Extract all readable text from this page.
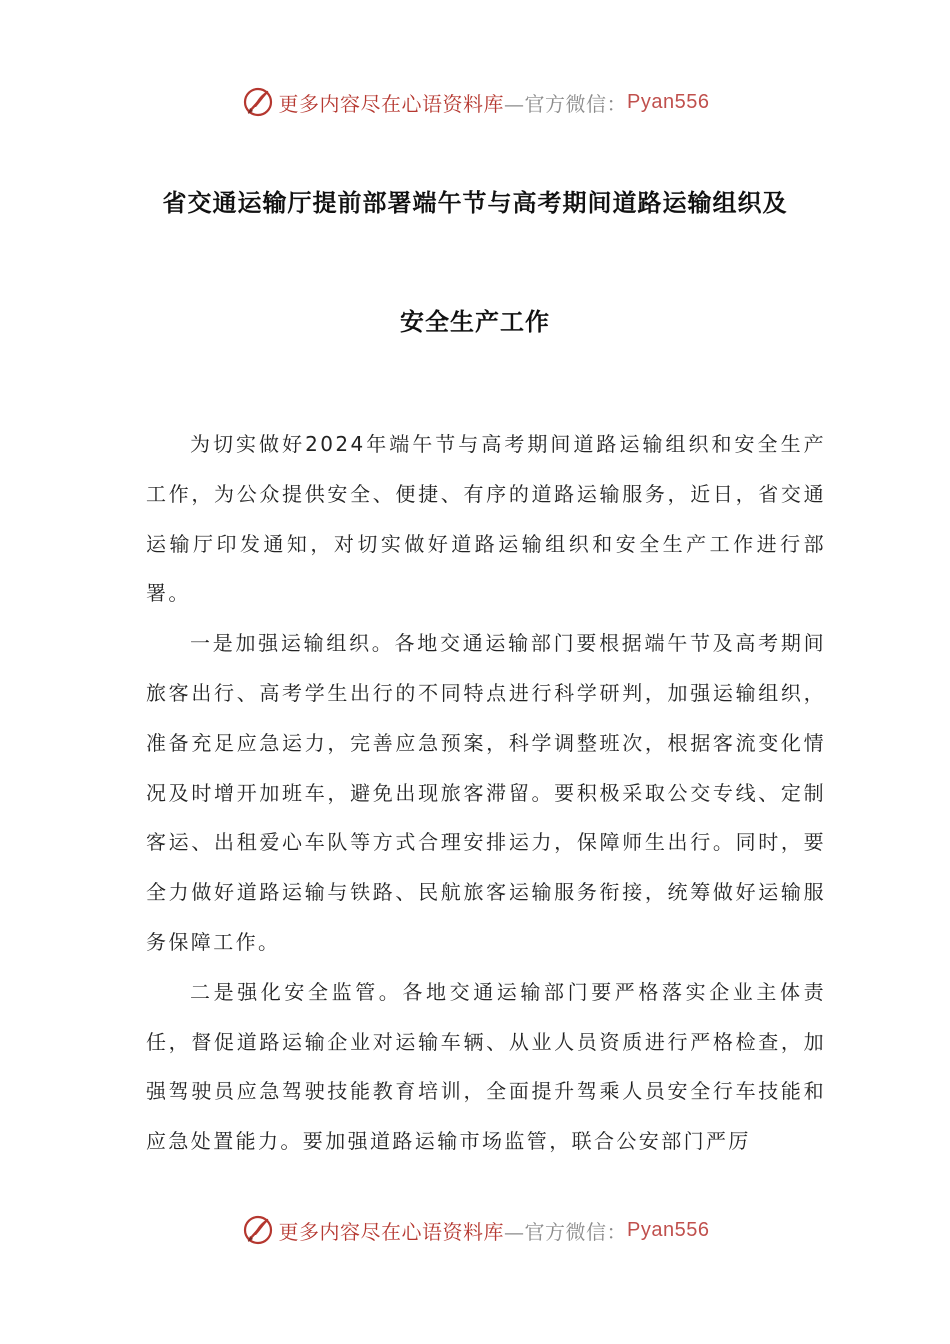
更多内容尽在心语资料库 —官方微信： Pyan556
省交通运输厅提前部署端午节与高考期间道路运输组织及
安全生产工作

为切实做好2024年端午节与高考期间道路运输组织和安全生产工作，为公众提供安全、便捷、有序的道路运输服务，近日，省交通运输厅印发通知，对切实做好道路运输组织和安全生产工作进行部署。

一是加强运输组织。各地交通运输部门要根据端午节及高考期间旅客出行、高考学生出行的不同特点进行科学研判，加强运输组织，准备充足应急运力，完善应急预案，科学调整班次，根据客流变化情况及时增开加班车，避免出现旅客滞留。要积极采取公交专线、定制客运、出租爱心车队等方式合理安排运力，保障师生出行。同时，要全力做好道路运输与铁路、民航旅客运输服务衔接，统筹做好运输服务保障工作。

二是强化安全监管。各地交通运输部门要严格落实企业主体责任，督促道路运输企业对运输车辆、从业人员资质进行严格检查，加强驾驶员应急驾驶技能教育培训，全面提升驾乘人员安全行车技能和应急处置能力。要加强道路运输市场监管，联合公安部门严厉

更多内容尽在心语资料库 —官方微信： Pyan556
